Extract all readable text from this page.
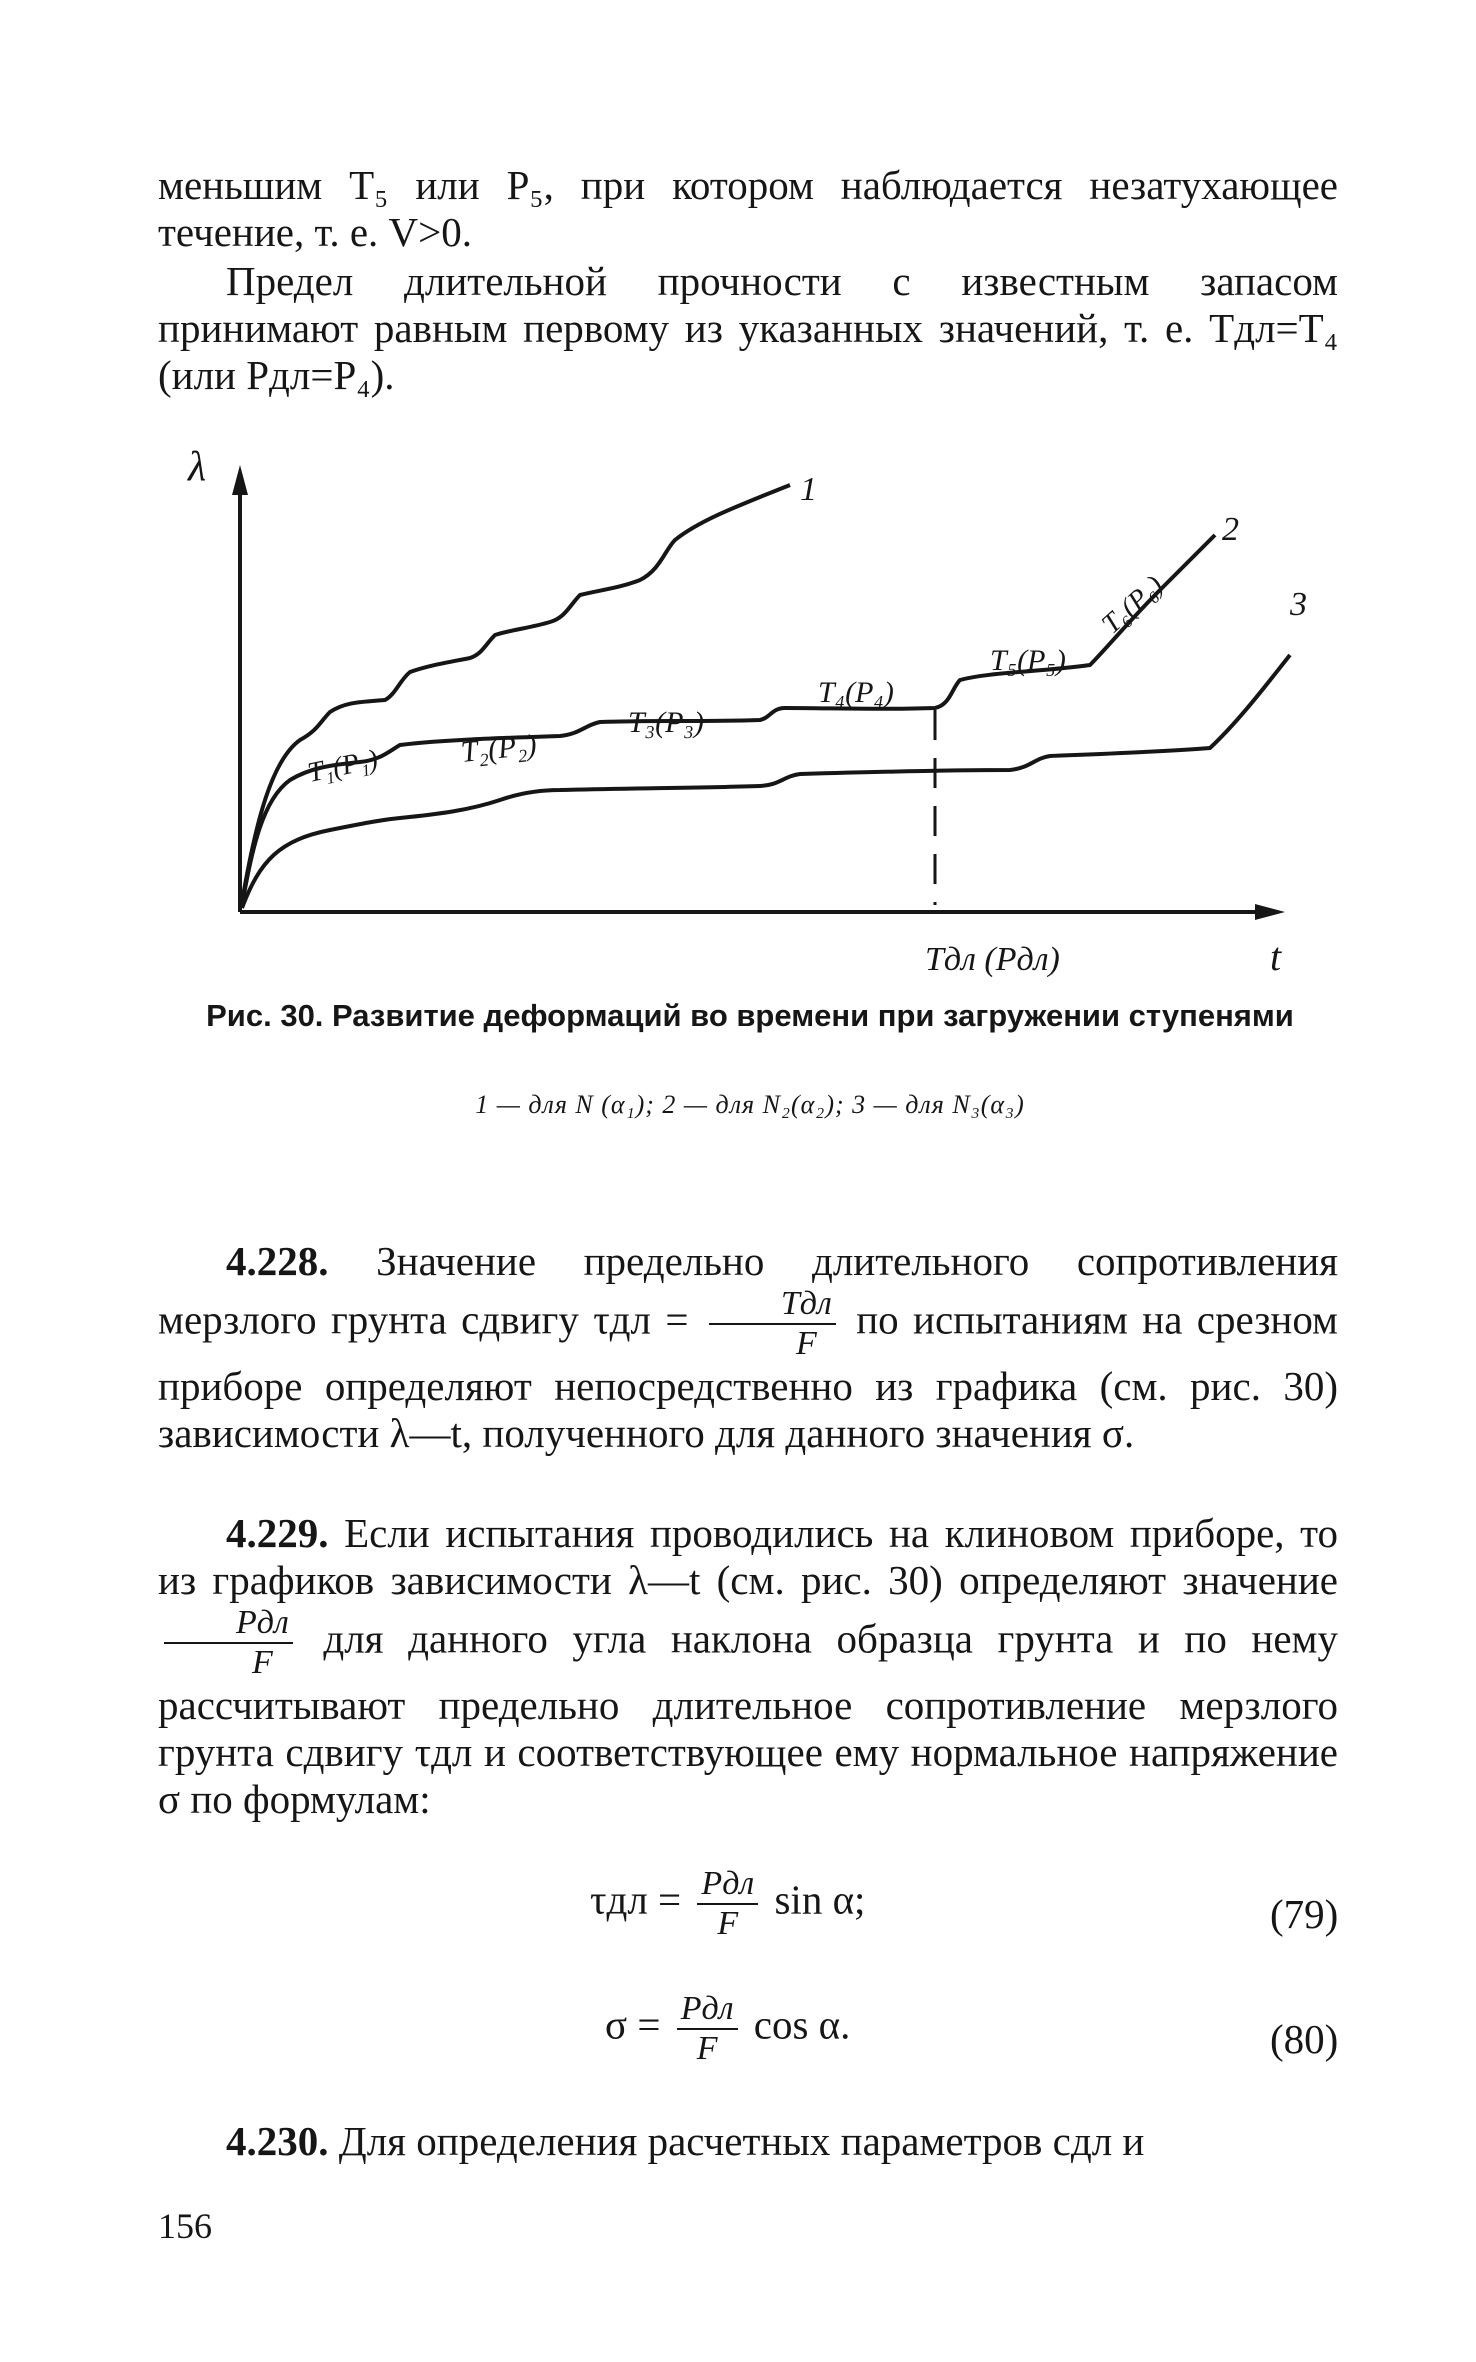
меньшим T₅ или P₅, при котором наблюдается незатухающее течение, т. е. V>0.

Предел длительной прочности с известным запасом принимают равным первому из указанных значений, т. е. Tдл=T₄ (или Pдл=P₄).

λ
t
1
2
3
Tдл (Pдл)
T₁(P₁)	T₂(P₂)
T₃(P₃)
T₄(P₄)
T₅(P₅)
T₆(P₆)
Рис. 30. Развитие деформаций во времени при загружении ступенями
1 — для N (α₁); 2 — для N₂(α₂); 3 — для N₃(α₃)

4.228. Значение предельно длительного сопротивления мерзлого грунта сдвигу $\tau дл = \frac{\text{Tдл}}{F}$ по испытаниям на срезном приборе определяют непосредственно из графика (см. рис. 30) зависимости λ—t, полученного для данного значения σ.

4.229. Если испытания проводились на клиновом приборе, то из графиков зависимости λ—t (см. рис. 30) определяют значение
$\frac{\text{Pдл}}{F}$ для данного угла наклона образца грунта и по нему рассчитывают предельно длительное сопротивление мерзлого грунта сдвигу τдл и соответствующее ему нормальное напряжение σ по формулам:

$\tau дл = \frac{\text{Pдл}}{F}$ sin α;	(79)
$\sigma = \frac{\text{Pдл}}{F}$ cos α.	(80)

4.230. Для определения расчетных параметров cдл и

156
